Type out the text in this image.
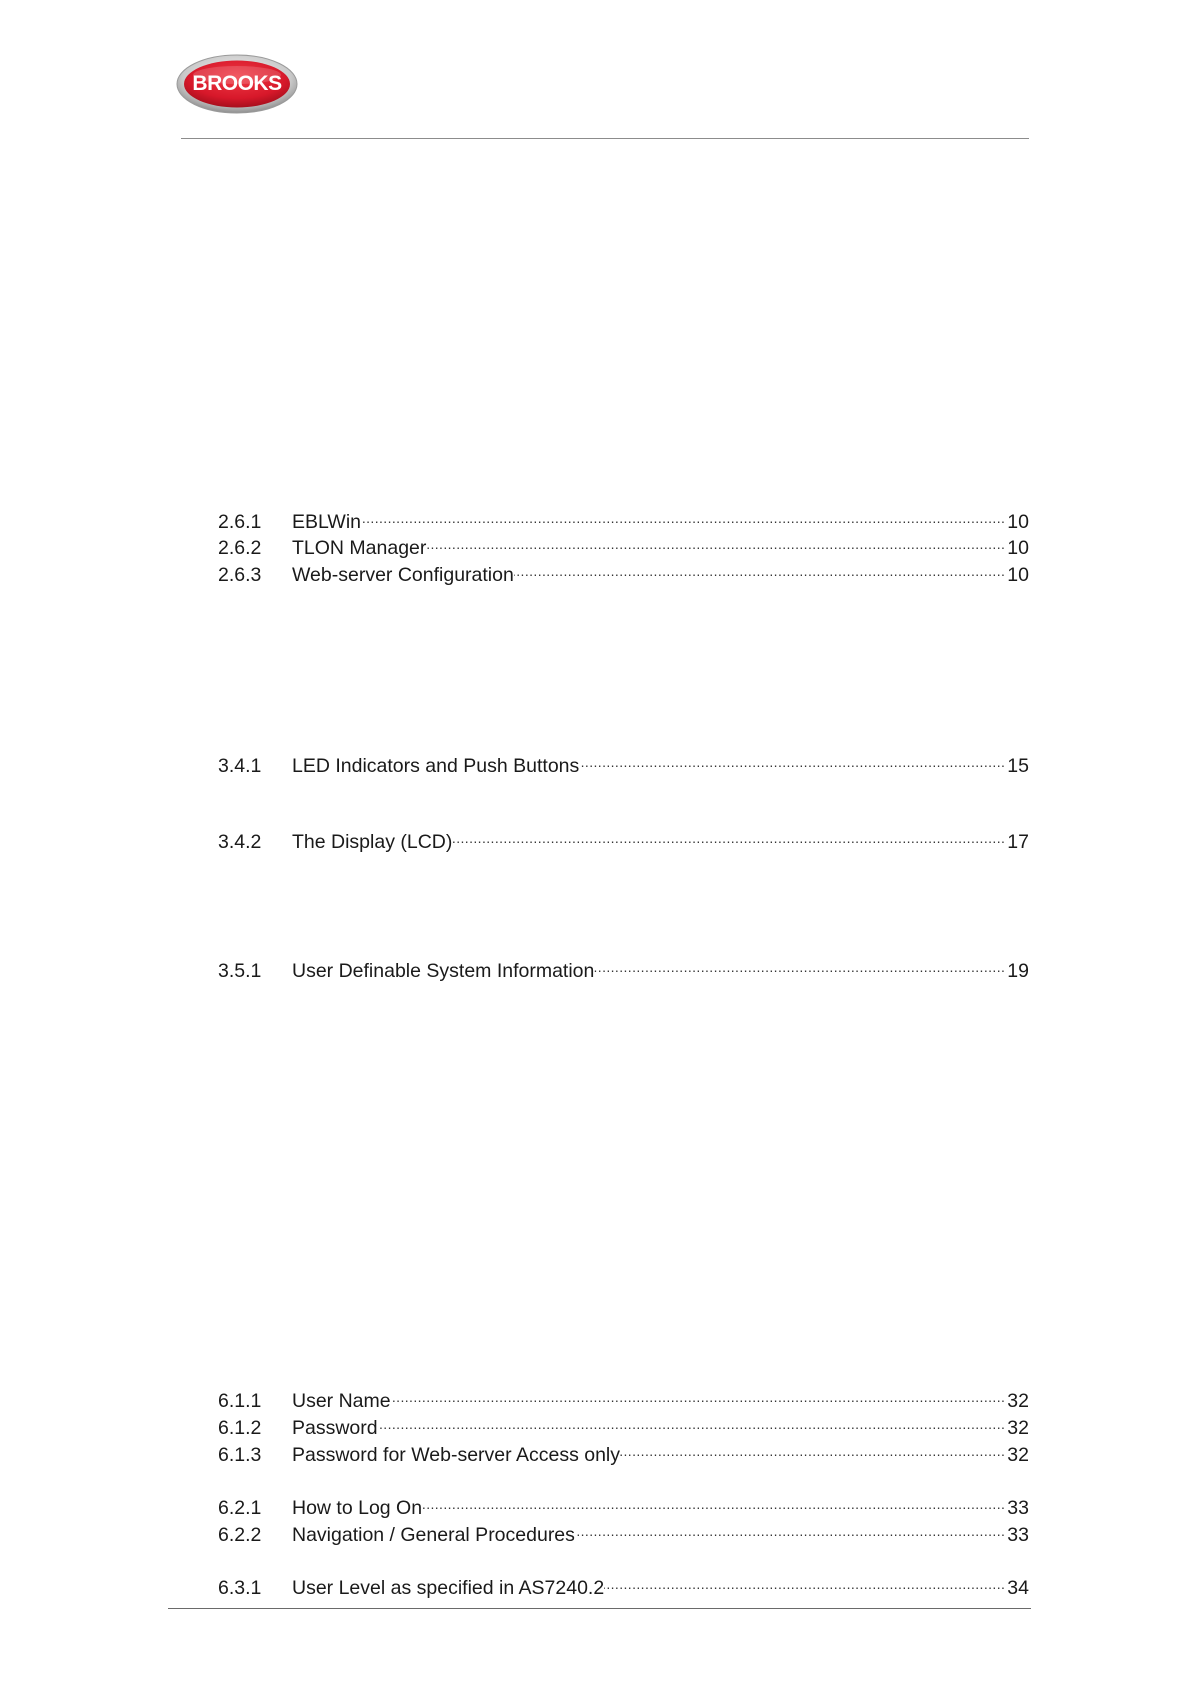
BROOKS
2.6.1	EBLWin .....	10
2.6.2	TLON Manager .....	10
2.6.3	Web-server Configuration .....	10
3.4.1	LED Indicators and Push Buttons .....	15
3.4.2	The Display (LCD) .....	17
3.5.1	User Definable System Information .....	19
6.1.1	User Name .....	32
6.1.2	Password .....	32
6.1.3	Password for Web-server Access only .....	32
6.2.1	How to Log On .....	33
6.2.2	Navigation / General Procedures .....	33
6.3.1	User Level as specified in AS7240.2 .....	34
